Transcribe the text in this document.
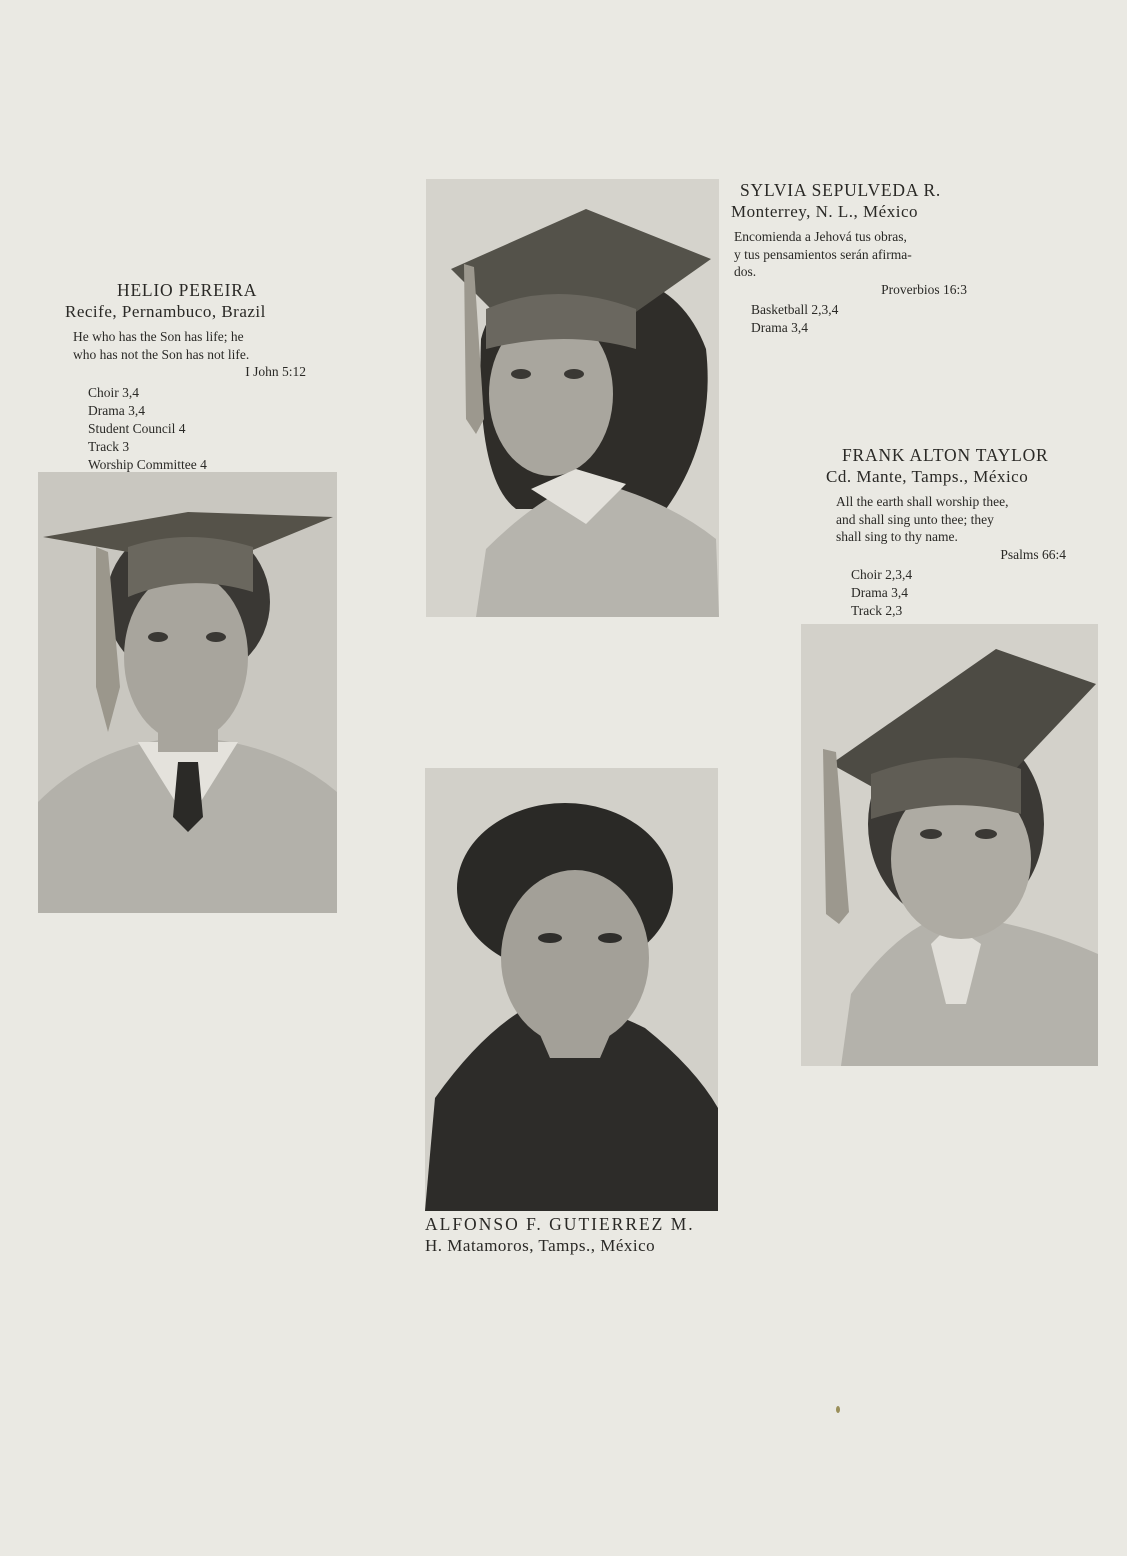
HELIO PEREIRA
Recife, Pernambuco, Brazil
He who has the Son has life; he
who has not the Son has not life.
I John 5:12
Choir 3,4
Drama 3,4
Student Council 4
Track 3
Worship Committee 4
SYLVIA SEPULVEDA R.
Monterrey, N. L., México
Encomienda a Jehová tus obras,
y tus pensamientos serán afirma-
dos.
Proverbios 16:3
Basketball 2,3,4
Drama 3,4
FRANK ALTON TAYLOR
Cd. Mante, Tamps., México
All the earth shall worship thee,
and shall sing unto thee; they
shall sing to thy name.
Psalms 66:4
Choir 2,3,4
Drama 3,4
Track 2,3
ALFONSO F. GUTIERREZ M.
H. Matamoros, Tamps., México
